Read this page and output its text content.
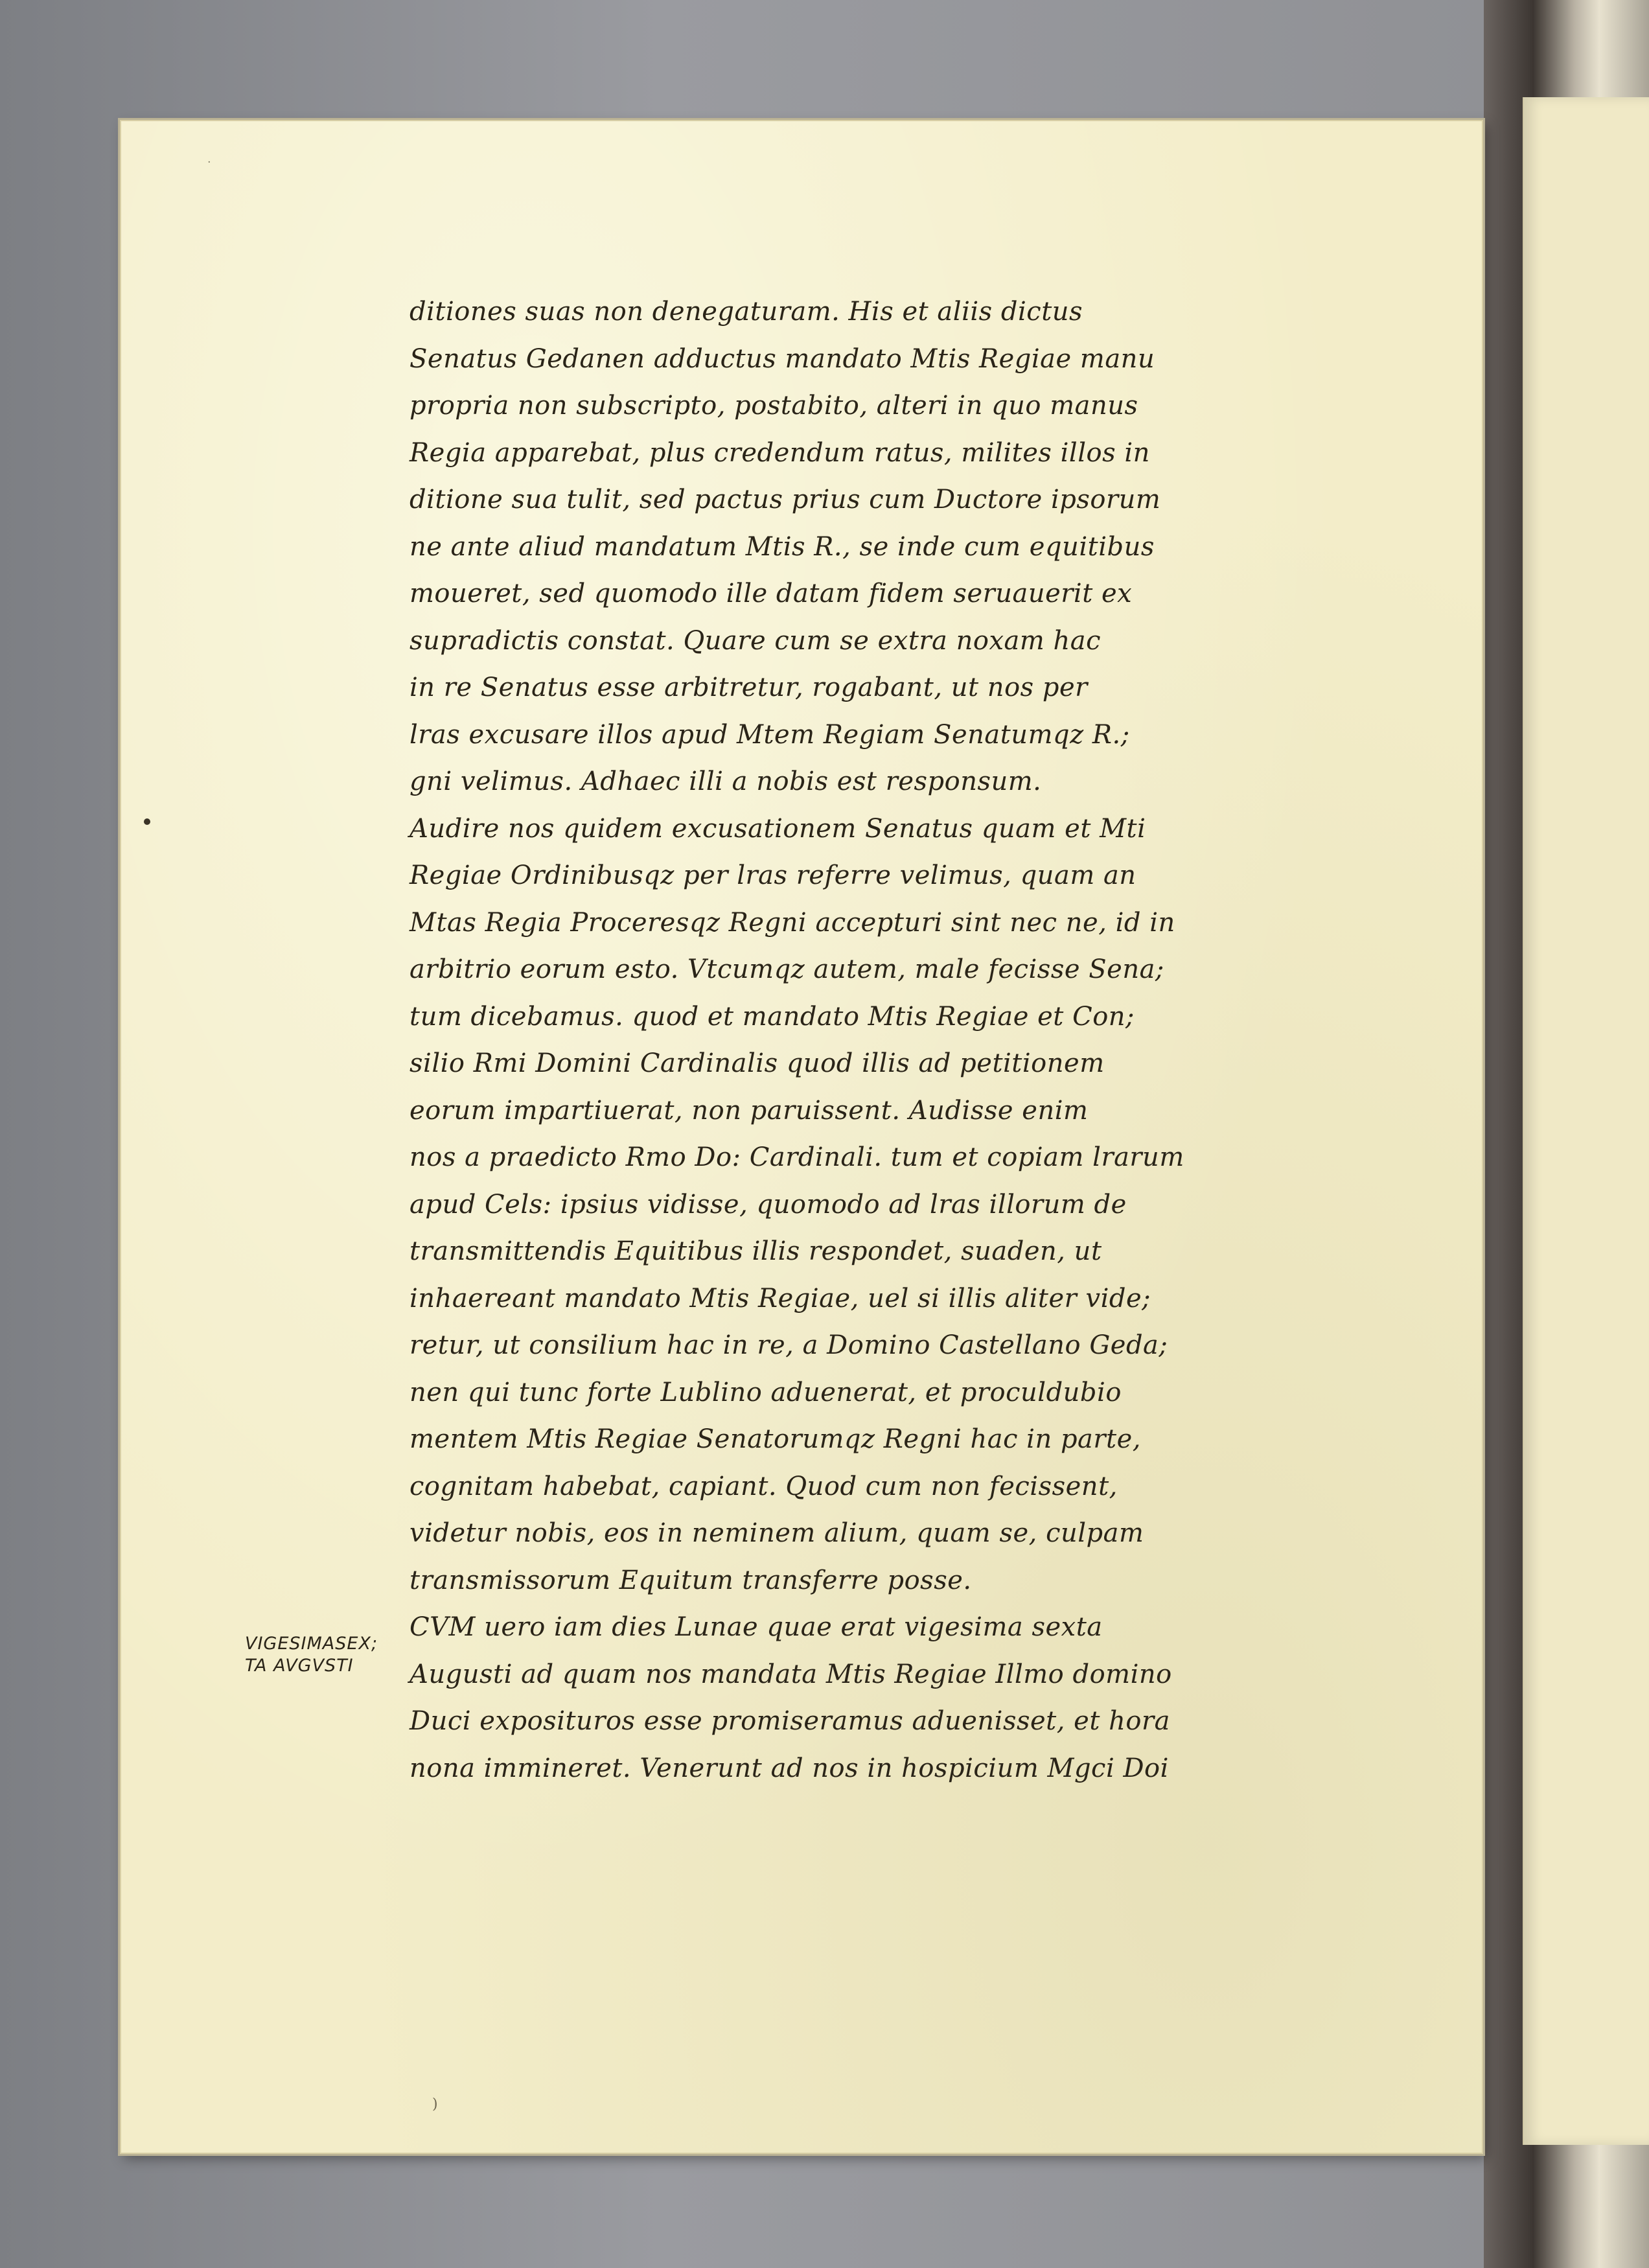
·
)
VIGESIMASEX;
TA AVGVSTI
ditiones suas non denegaturam. His et aliis dictus
Senatus Gedanen adductus mandato Mtis Regiae manu
propria non subscripto, postabito, alteri in quo manus
Regia apparebat, plus credendum ratus, milites illos in
ditione sua tulit, sed pactus prius cum Ductore ipsorum
ne ante aliud mandatum Mtis R., se inde cum equitibus
moueret, sed quomodo ille datam fidem seruauerit ex
supradictis constat. Quare cum se extra noxam hac
in re Senatus esse arbitretur, rogabant, ut nos per
lras excusare illos apud Mtem Regiam Senatumqz R.;
gni velimus. Adhaec illi a nobis est responsum.
Audire nos quidem excusationem Senatus quam et Mti
Regiae Ordinibusqz per lras referre velimus, quam an
Mtas Regia Proceresqz Regni accepturi sint nec ne, id in
arbitrio eorum esto. Vtcumqz autem, male fecisse Sena;
tum dicebamus. quod et mandato Mtis Regiae et Con;
silio Rmi Domini Cardinalis quod illis ad petitionem
eorum impartiuerat, non paruissent. Audisse enim
nos a praedicto Rmo Do: Cardinali. tum et copiam lrarum
apud Cels: ipsius vidisse, quomodo ad lras illorum de
transmittendis Equitibus illis respondet, suaden, ut
inhaereant mandato Mtis Regiae, uel si illis aliter vide;
retur, ut consilium hac in re, a Domino Castellano Geda;
nen qui tunc forte Lublino aduenerat, et proculdubio
mentem Mtis Regiae Senatorumqz Regni hac in parte,
cognitam habebat, capiant. Quod cum non fecissent,
videtur nobis, eos in neminem alium, quam se, culpam
transmissorum Equitum transferre posse.
CVM uero iam dies Lunae quae erat vigesima sexta
Augusti ad quam nos mandata Mtis Regiae Illmo domino
Duci exposituros esse promiseramus aduenisset, et hora
nona immineret. Venerunt ad nos in hospicium Mgci Doi
